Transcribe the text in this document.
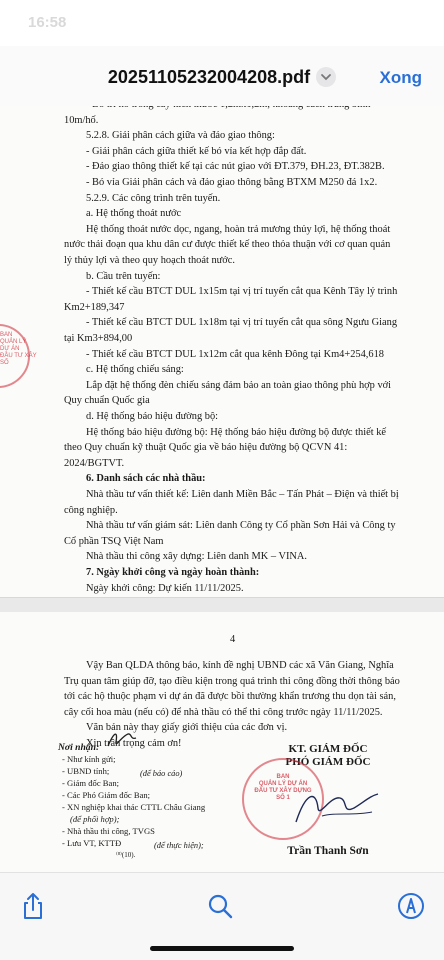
16:58
10m/hố.
5.2.8. Giải phân cách giữa và đảo giao thông:
- Giải phân cách giữa thiết kế bó vỉa kết hợp đắp đất.
- Đảo giao thông thiết kế tại các nút giao với ĐT.379, ĐH.23, ĐT.382B.
- Bó vỉa Giải phân cách và đảo giao thông bằng BTXM M250 đá 1x2.
5.2.9. Các công trình trên tuyến.
a. Hệ thống thoát nước
Hệ thống thoát nước dọc, ngang, hoàn trả mương thủy lợi, hệ thống thoát
nước thải đoạn qua khu dân cư được thiết kế theo thỏa thuận với cơ quan quản
lý thủy lợi và theo quy hoạch thoát nước.
b. Cầu trên tuyến:
- Thiết kế cầu BTCT DUL 1x15m tại vị trí tuyến cắt qua Kênh Tây lý trình
Km2+189,347
- Thiết kế cầu BTCT DUL 1x18m tại vị trí tuyến cắt qua sông Ngưu Giang
tại Km3+894,00
- Thiết kế cầu BTCT DUL 1x12m cắt qua kênh Đông tại Km4+254,618
c. Hệ thống chiếu sáng:
Lắp đặt hệ thống đèn chiếu sáng đảm bảo an toàn giao thông phù hợp với
Quy chuẩn Quốc gia
d. Hệ thống báo hiệu đường bộ:
Hệ thống báo hiệu đường bộ: Hệ thống báo hiệu đường bộ được thiết kế
theo Quy chuẩn kỹ thuật Quốc gia về báo hiệu đường bộ QCVN 41:
2024/BGTVT.
6. Danh sách các nhà thầu:
Nhà thầu tư vấn thiết kế: Liên danh Miền Bắc – Tấn Phát – Điện và thiết bị
công nghiệp.
Nhà thầu tư vấn giám sát: Liên danh Công ty Cổ phần Sơn Hải và Công ty
Cổ phần TSQ Việt Nam
Nhà thầu thi công xây dựng: Liên danh MK – VINA.
7. Ngày khởi công và ngày hoàn thành:
Ngày khởi công: Dự kiến 11/11/2025.
BAN
QUẢN LÝ
DỰ ÁN
ĐẦU TƯ XÂY
SỐ
4
Vậy Ban QLDA thông báo, kính đề nghị UBND các xã Văn Giang, Nghĩa
Trụ quan tâm giúp đỡ, tạo điều kiện trong quá trình thi công đồng thời thông báo
tới các hộ thuộc phạm vi dự án đã được bồi thường khẩn trương thu dọn tài sản,
cây cối hoa màu (nếu có) để nhà thầu có thể thi công trước ngày 11/11/2025.
Văn bản này thay giấy giới thiệu của các đơn vị.
Xin trân trọng cảm ơn!
Nơi nhận:
- Như kính gửi;
- UBND tỉnh;
- Giám đốc Ban;
- Các Phó Giám đốc Ban;
- XN nghiệp khai thác CTTL Châu Giang
(để phối hợp);
- Nhà thầu thi công, TVGS
- Lưu VT, KTTĐ
(để báo cáo)
(để thực hiện);
⁽⁸⁾(10).
KT. GIÁM ĐỐC
PHÓ GIÁM ĐỐC
BAN
QUẢN LÝ DỰ ÁN
ĐẦU TƯ XÂY DỰNG
SỐ 1
Trần Thanh Sơn
20251105232004208.pdf	Xong
